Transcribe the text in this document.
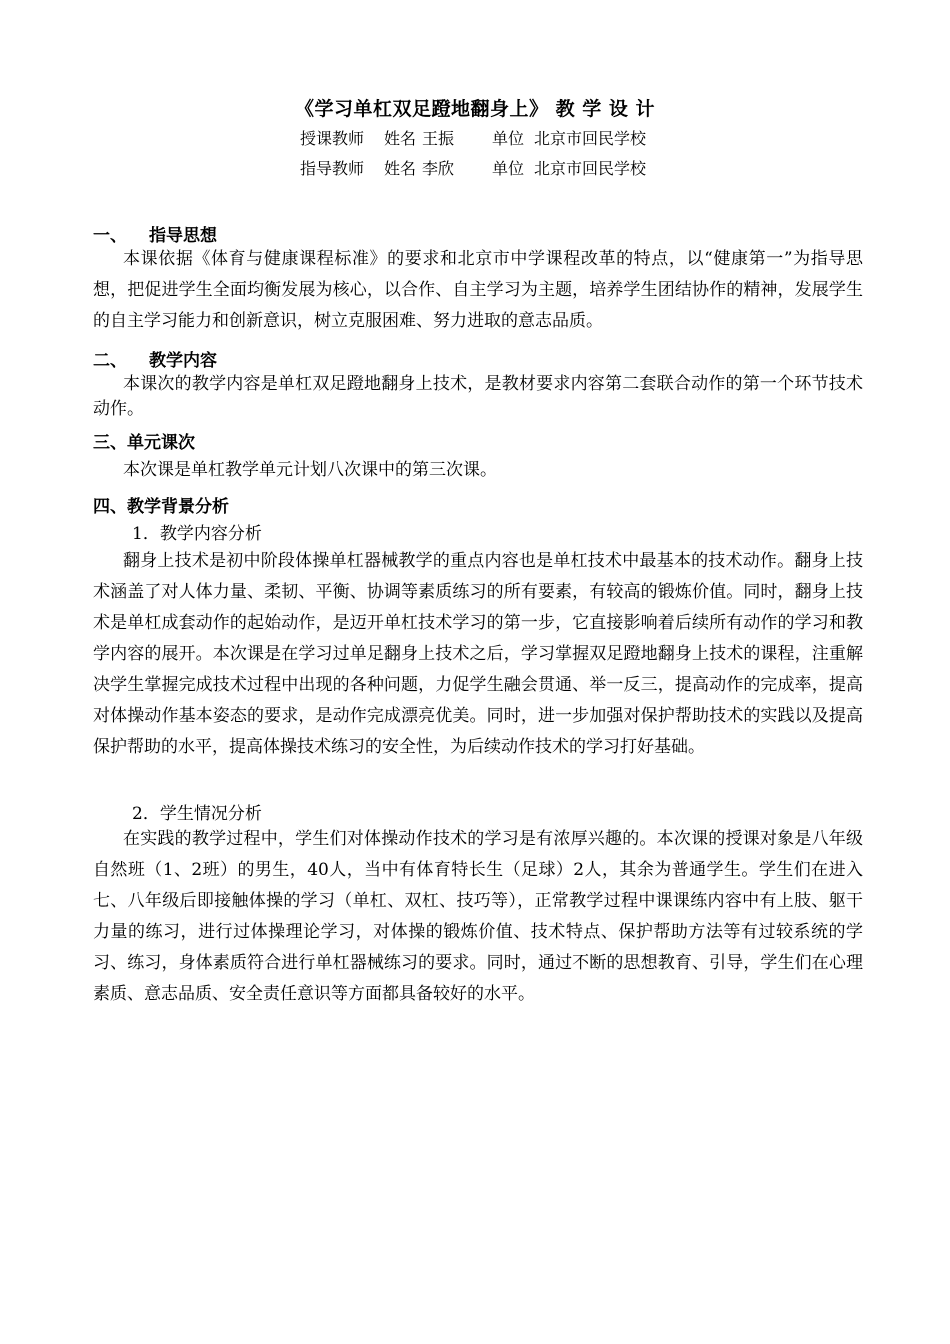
《学习单杠双足蹬地翻身上》 教 学 设 计
授课教师 姓名 王振 单位 北京市回民学校
指导教师 姓名 李欣 单位 北京市回民学校
一、 指导思想
本课依据《体育与健康课程标准》的要求和北京市中学课程改革的特点，以“健康第一”为指导思想，把促进学生全面均衡发展为核心，以合作、自主学习为主题，培养学生团结协作的精神，发展学生的自主学习能力和创新意识，树立克服困难、努力进取的意志品质。
二、 教学内容
本课次的教学内容是单杠双足蹬地翻身上技术，是教材要求内容第二套联合动作的第一个环节技术动作。
三、单元课次
本次课是单杠教学单元计划八次课中的第三次课。
四、教学背景分析
1．教学内容分析
翻身上技术是初中阶段体操单杠器械教学的重点内容也是单杠技术中最基本的技术动作。翻身上技术涵盖了对人体力量、柔韧、平衡、协调等素质练习的所有要素，有较高的锻炼价值。同时，翻身上技术是单杠成套动作的起始动作，是迈开单杠技术学习的第一步，它直接影响着后续所有动作的学习和教学内容的展开。本次课是在学习过单足翻身上技术之后，学习掌握双足蹬地翻身上技术的课程，注重解决学生掌握完成技术过程中出现的各种问题，力促学生融会贯通、举一反三，提高动作的完成率，提高对体操动作基本姿态的要求，是动作完成漂亮优美。同时，进一步加强对保护帮助技术的实践以及提高保护帮助的水平，提高体操技术练习的安全性，为后续动作技术的学习打好基础。
2．学生情况分析
在实践的教学过程中，学生们对体操动作技术的学习是有浓厚兴趣的。本次课的授课对象是八年级自然班（1、2班）的男生，40人，当中有体育特长生（足球）2人，其余为普通学生。学生们在进入七、八年级后即接触体操的学习（单杠、双杠、技巧等），正常教学过程中课课练内容中有上肢、躯干力量的练习，进行过体操理论学习，对体操的锻炼价值、技术特点、保护帮助方法等有过较系统的学习、练习，身体素质符合进行单杠器械练习的要求。同时，通过不断的思想教育、引导，学生们在心理素质、意志品质、安全责任意识等方面都具备较好的水平。
